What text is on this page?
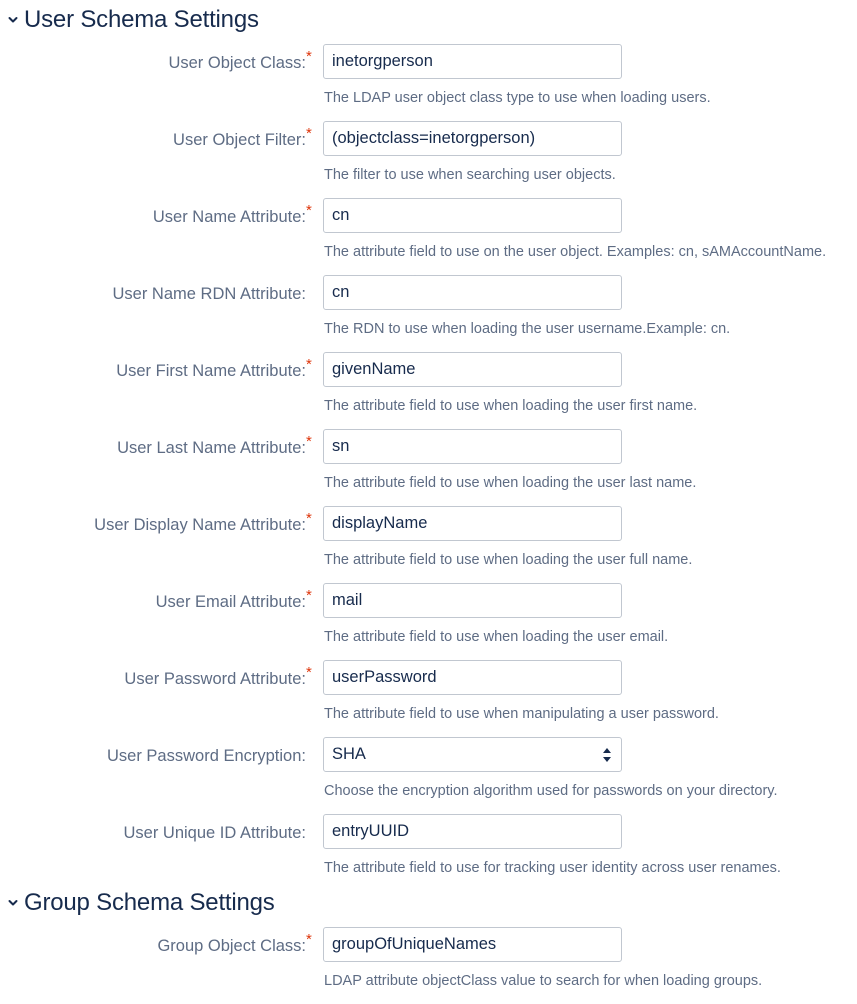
User Schema Settings
User Object Class: *
inetorgperson
The LDAP user object class type to use when loading users.
User Object Filter: *
(objectclass=inetorgperson)
The filter to use when searching user objects.
User Name Attribute: *
cn
The attribute field to use on the user object. Examples: cn, sAMAccountName.
User Name RDN Attribute:
cn
The RDN to use when loading the user username.Example: cn.
User First Name Attribute: *
givenName
The attribute field to use when loading the user first name.
User Last Name Attribute: *
sn
The attribute field to use when loading the user last name.
User Display Name Attribute: *
displayName
The attribute field to use when loading the user full name.
User Email Attribute: *
mail
The attribute field to use when loading the user email.
User Password Attribute: *
userPassword
The attribute field to use when manipulating a user password.
User Password Encryption: SHA
Choose the encryption algorithm used for passwords on your directory.
User Unique ID Attribute:
entryUUID
The attribute field to use for tracking user identity across user renames.
Group Schema Settings
Group Object Class: *
groupOfUniqueNames
LDAP attribute objectClass value to search for when loading groups.
